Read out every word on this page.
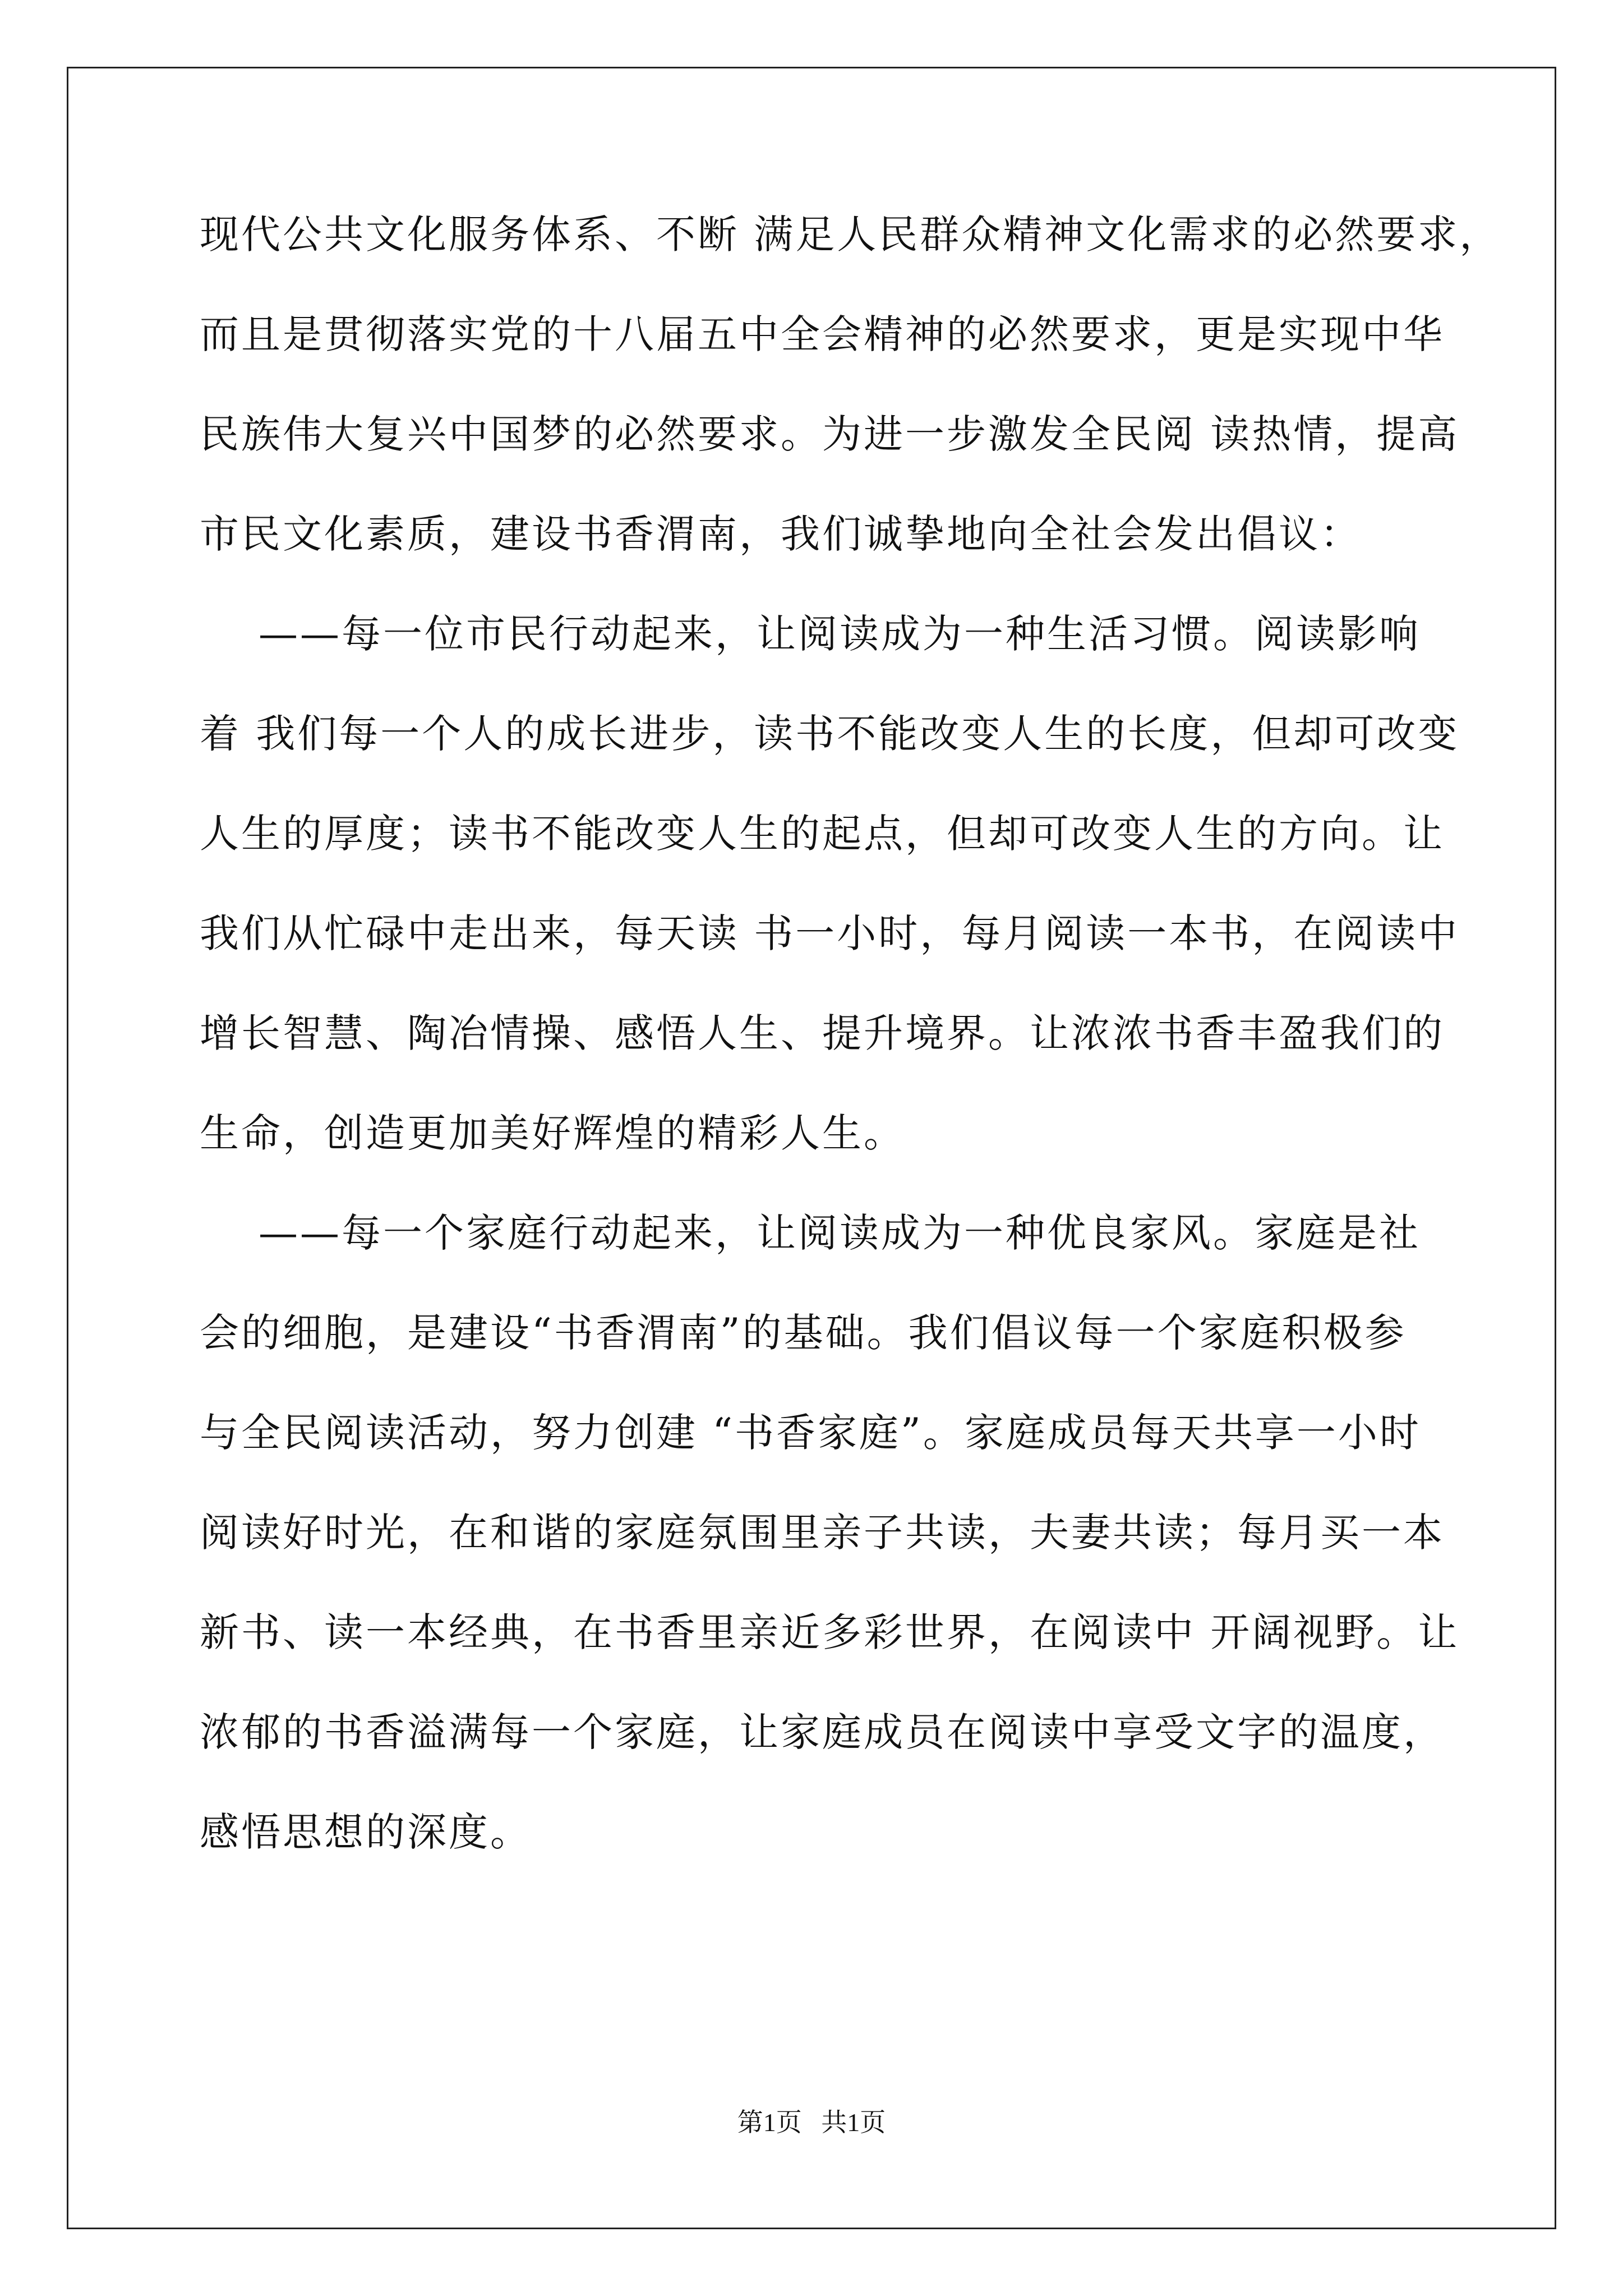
现代公共文化服务体系、不断 满足人民群众精神文化需求的必然要求，
而且是贯彻落实党的十八届五中全会精神的必然要求，更是实现中华
民族伟大复兴中国梦的必然要求。为进一步激发全民阅 读热情，提高
市民文化素质，建设书香渭南，我们诚挚地向全社会发出倡议：
——每一位市民行动起来，让阅读成为一种生活习惯。阅读影响
着 我们每一个人的成长进步，读书不能改变人生的长度，但却可改变
人生的厚度；读书不能改变人生的起点，但却可改变人生的方向。让
我们从忙碌中走出来，每天读 书一小时，每月阅读一本书，在阅读中
增长智慧、陶冶情操、感悟人生、提升境界。让浓浓书香丰盈我们的
生命，创造更加美好辉煌的精彩人生。
——每一个家庭行动起来，让阅读成为一种优良家风。家庭是社
会的细胞，是建设“书香渭南”的基础。我们倡议每一个家庭积极参
与全民阅读活动，努力创建 “书香家庭”。家庭成员每天共享一小时
阅读好时光，在和谐的家庭氛围里亲子共读，夫妻共读；每月买一本
新书、读一本经典，在书香里亲近多彩世界，在阅读中 开阔视野。让
浓郁的书香溢满每一个家庭，让家庭成员在阅读中享受文字的温度，
感悟思想的深度。
第1页   共1页
